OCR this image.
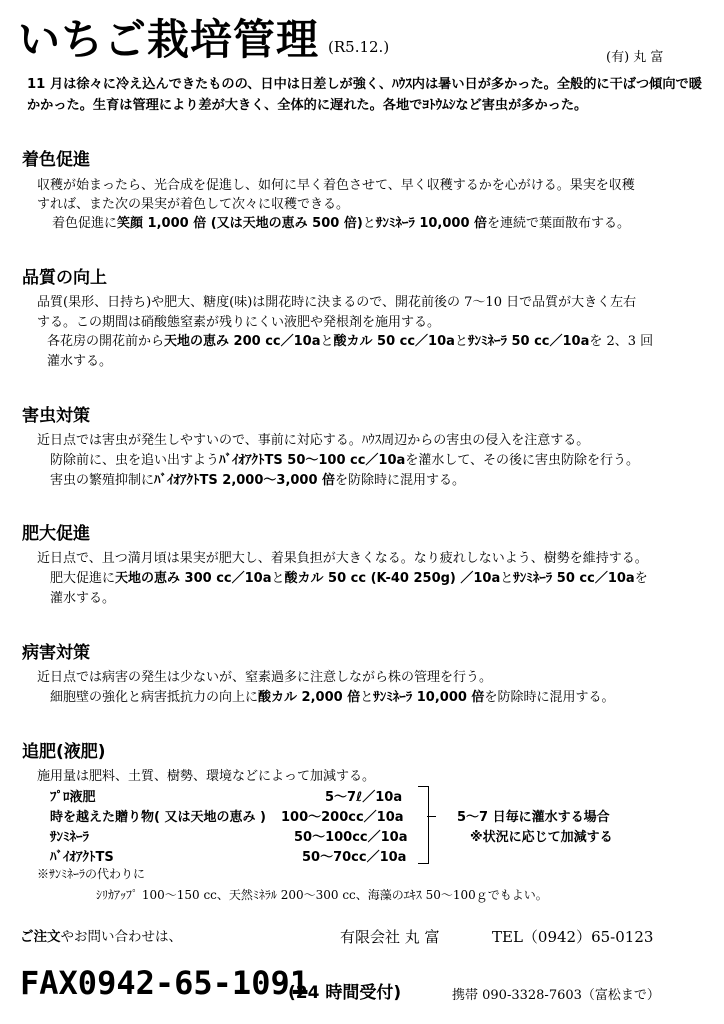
いちご栽培管理 (R5.12.)
(有) 丸 富
11 月は徐々に冷え込んできたものの、日中は日差しが強く、ﾊｳｽ内は暑い日が多かった。全般的に干ばつ傾向で暖かかった。生育は管理により差が大きく、全体的に遅れた。各地でﾖﾄｳﾑｼなど害虫が多かった。
着色促進
収穫が始まったら、光合成を促進し、如何に早く着色させて、早く収穫するかを心がける。果実を収穫
すれば、また次の果実が着色して次々に収穫できる。
着色促進に笑顔 1,000 倍 (又は天地の恵み 500 倍)とｻﾝﾐﾈｰﾗ 10,000 倍を連続で葉面散布する。
品質の向上
品質(果形、日持ち)や肥大、糖度(味)は開花時に決まるので、開花前後の 7～10 日で品質が大きく左右
する。この期間は硝酸態窒素が残りにくい液肥や発根剤を施用する。
各花房の開花前から天地の恵み 200 cc／10aと酸カル 50 cc／10aとｻﾝﾐﾈｰﾗ 50 cc／10aを 2、3 回
灌水する。
害虫対策
近日点では害虫が発生しやすいので、事前に対応する。ﾊｳｽ周辺からの害虫の侵入を注意する。
防除前に、虫を追い出すようﾊﾞｲｵｱｸﾄTS 50～100 cc／10aを灌水して、その後に害虫防除を行う。
害虫の繁殖抑制にﾊﾞｲｵｱｸﾄTS 2,000～3,000 倍を防除時に混用する。
肥大促進
近日点で、且つ満月頃は果実が肥大し、着果負担が大きくなる。なり疲れしないよう、樹勢を維持する。
肥大促進に天地の恵み 300 cc／10aと酸カル 50 cc (K-40 250g) ／10aとｻﾝﾐﾈｰﾗ 50 cc／10aを
灌水する。
病害対策
近日点では病害の発生は少ないが、窒素過多に注意しながら株の管理を行う。
細胞壁の強化と病害抵抗力の向上に酸カル 2,000 倍とｻﾝﾐﾈｰﾗ 10,000 倍を防除時に混用する。
追肥(液肥)
施用量は肥料、土質、樹勢、環境などによって加減する。
ﾌﾟﾛ液肥	5～7ℓ／10a
時を越えた贈り物( 又は天地の恵み ) 100～200cc／10a
ｻﾝﾐﾈｰﾗ	50～100cc／10a
ﾊﾞｲｵｱｸﾄTS	50～70cc／10a
5～7 日毎に灌水する場合
※状況に応じて加減する
※ｻﾝﾐﾈｰﾗの代わりに
ｼﾘｶｱｯﾌﾟ 100～150 cc、天然ﾐﾈﾗﾙ 200～300 cc、海藻のｴｷｽ 50～100ｇでもよい。
ご注文やお問い合わせは、	有限会社 丸 富	TEL（0942）65-0123
FAX0942-65-1091
(24 時間受付)	携帯 090-3328-7603（富松まで）
